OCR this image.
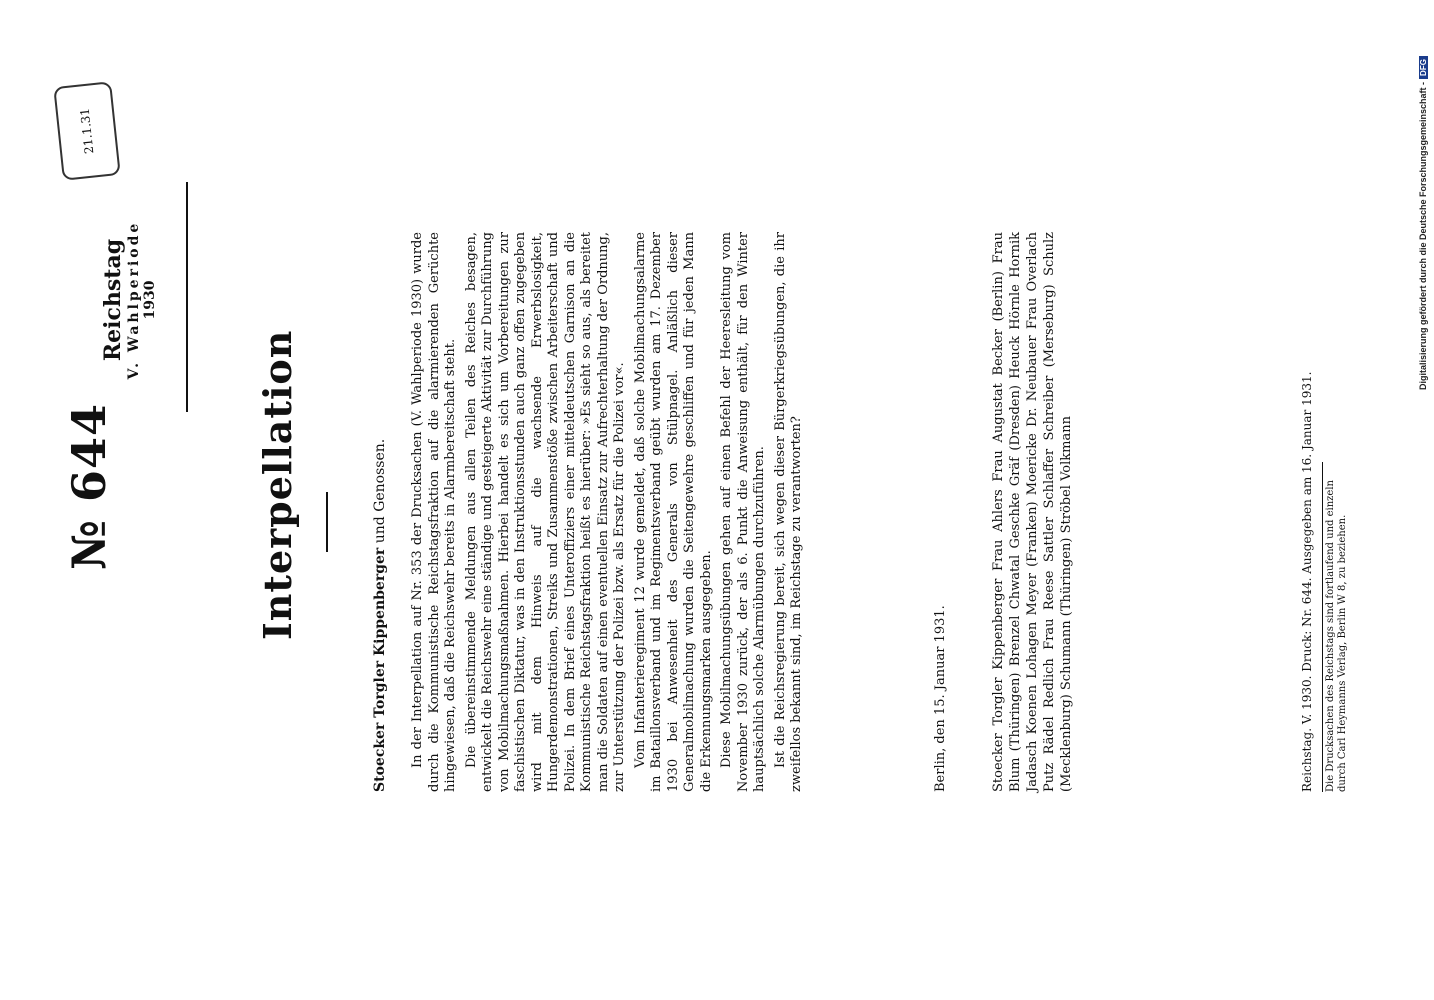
21.1.31
№ 644
Reichstag V. Wahlperiode 1930
Interpellation
Stoecker Torgler Kippenberger und Genossen. In der Interpellation auf Nr. 353 der Drucksachen (V. Wahlperiode 1930) wurde durch die Kommunistische Reichstagsfraktion auf die alarmierenden Gerüchte hingewiesen, daß die Reichswehr bereits in Alarmbereitschaft steht. Die übereinstimmende Meldungen aus allen Teilen des Reiches besagen, entwickelt die Reichswehr eine ständige und gesteigerte Aktivität zur Durchführung von Mobilmachungsmaßnahmen. Hierbei handelt es sich um Vorbereitungen zur faschistischen Diktatur, was in den Instruktionsstunden auch ganz offen zugegeben wird mit dem Hinweis auf die wachsende Erwerbslosigkeit, Hungerdemonstrationen, Streiks und Zusammenstöße zwischen Arbeiterschaft und Polizei. In dem Brief eines Unteroffiziers einer mitteldeutschen Garnison an die Kommunistische Reichstagsfraktion heißt es hierüber: »Es sieht so aus, als bereitet man die Soldaten auf einen eventuellen Einsatz zur Aufrechterhaltung der Ordnung, zur Unterstützung der Polizei bzw. als Ersatz für die Polizei vor«. Vom Infanterieregiment 12 wurde gemeldet, daß solche Mobilmachungsalarme im Bataillonsverband und im Regimentsverband geübt wurden am 17. Dezember 1930 bei Anwesenheit des Generals von Stülpnagel. Anläßlich dieser Generalmobilmachung wurden die Seitengewehre geschliffen und für jeden Mann die Erkennungsmarken ausgegeben. Diese Mobilmachungsübungen gehen auf einen Befehl der Heeresleitung vom November 1930 zurück, der als 6. Punkt die Anweisung enthält, für den Winter hauptsächlich solche Alarmübungen durchzuführen. Ist die Reichsregierung bereit, sich wegen dieser Bürgerkriegsübungen, die ihr zweifellos bekannt sind, im Reichstage zu verantworten?	Berlin, den 15. Januar 1931.	Stoecker Torgler Kippenberger Frau Ahlers Frau Augustat Becker (Berlin) Frau Blum (Thüringen) Brenzel Chwatal Geschke Gräf (Dresden) Heuck Hörnle Hornik Jadasch Koenen Lohagen Meyer (Franken) Moericke Dr. Neubauer Frau Overlach Putz Rädel Redlich Frau Reese Sattler Schlaffer Schreiber (Merseburg) Schulz (Mecklenburg) Schumann (Thüringen) Ströbel Volkmann	Reichstag. V. 1930. Druck: Nr. 644. Ausgegeben am 16. Januar 1931.	Die Drucksachen des Reichstags sind fortlaufend und einzeln durch Carl Heymanns Verlag, Berlin W 8, zu beziehen.
Digitalisierung gefördert durch die Deutsche Forschungsgemeinschaft -DFG
